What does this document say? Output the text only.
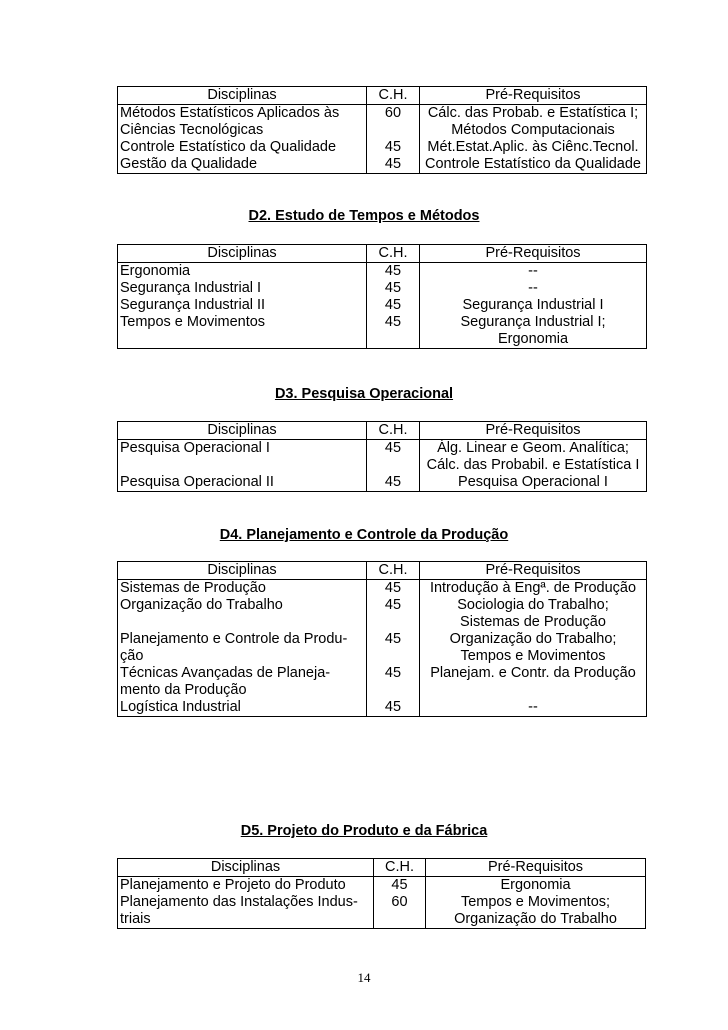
Disciplinas	C.H.	Pré-Requisitos
Métodos Estatísticos Aplicados às
Ciências Tecnológicas	60	Cálc. das Probab. e Estatística I;
Métodos Computacionais
Controle Estatístico da Qualidade	45	Mét.Estat.Aplic. às Ciênc.Tecnol.
Gestão da Qualidade	45	Controle Estatístico da Qualidade
D2. Estudo de Tempos e Métodos
Disciplinas	C.H.	Pré-Requisitos
Ergonomia	45	--
Segurança Industrial I	45	--
Segurança Industrial II	45	Segurança Industrial I
Tempos e Movimentos	45	Segurança Industrial I;
Ergonomia
D3. Pesquisa Operacional
Disciplinas	C.H.	Pré-Requisitos
Pesquisa Operacional I	45	Álg. Linear e Geom. Analítica;
Cálc. das Probabil. e Estatística I
Pesquisa Operacional II	45	Pesquisa Operacional I
D4. Planejamento e Controle da Produção
Disciplinas	C.H.	Pré-Requisitos
Sistemas de Produção	45	Introdução à Engª. de Produção
Organização do Trabalho	45	Sociologia do Trabalho;
Sistemas de Produção
Planejamento e Controle da Produ-
ção	45	Organização do Trabalho;
Tempos e Movimentos
Técnicas Avançadas de Planeja-
mento da Produção	45	Planejam. e Contr. da Produção
Logística Industrial	45	--
D5. Projeto do Produto e da Fábrica
Disciplinas	C.H.	Pré-Requisitos
Planejamento e Projeto do Produto	45	Ergonomia
Planejamento das Instalações Indus-
triais	60	Tempos e Movimentos;
Organização do Trabalho
14
